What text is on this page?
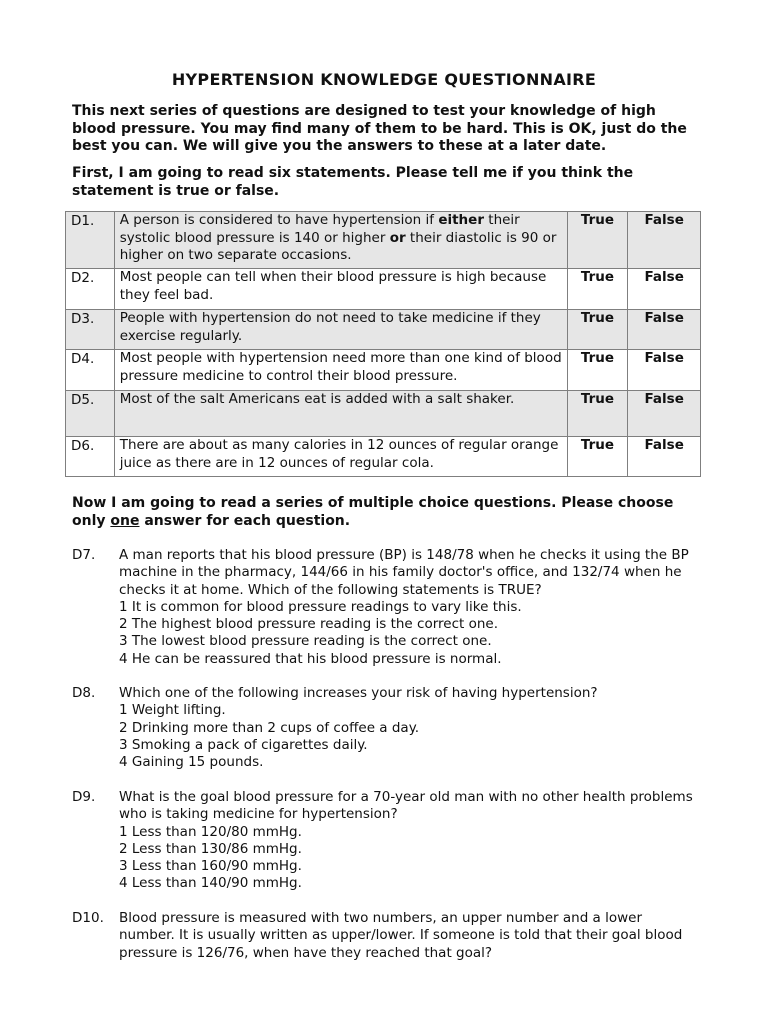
HYPERTENSION KNOWLEDGE QUESTIONNAIRE

This next series of questions are designed to test your knowledge of high blood pressure. You may find many of them to be hard. This is OK, just do the best you can. We will give you the answers to these at a later date.

First, I am going to read six statements. Please tell me if you think the statement is true or false.

D1.	A person is considered to have hypertension if either their systolic blood pressure is 140 or higher or their diastolic is 90 or higher on two separate occasions.	True	False
D2.	Most people can tell when their blood pressure is high because they feel bad.	True	False
D3.	People with hypertension do not need to take medicine if they exercise regularly.	True	False
D4.	Most people with hypertension need more than one kind of blood pressure medicine to control their blood pressure.	True	False
D5.	Most of the salt Americans eat is added with a salt shaker.	True	False
D6.	There are about as many calories in 12 ounces of regular orange juice as there are in 12 ounces of regular cola.	True	False

Now I am going to read a series of multiple choice questions. Please choose only one answer for each question.

D7. A man reports that his blood pressure (BP) is 148/78 when he checks it using the BP machine in the pharmacy, 144/66 in his family doctor's office, and 132/74 when he checks it at home. Which of the following statements is TRUE?
1 It is common for blood pressure readings to vary like this.
2 The highest blood pressure reading is the correct one.
3 The lowest blood pressure reading is the correct one.
4 He can be reassured that his blood pressure is normal.
D8. Which one of the following increases your risk of having hypertension?
1 Weight lifting.
2 Drinking more than 2 cups of coffee a day.
3 Smoking a pack of cigarettes daily.
4 Gaining 15 pounds.
D9. What is the goal blood pressure for a 70-year old man with no other health problems who is taking medicine for hypertension?
1 Less than 120/80 mmHg.
2 Less than 130/86 mmHg.
3 Less than 160/90 mmHg.
4 Less than 140/90 mmHg.
D10. Blood pressure is measured with two numbers, an upper number and a lower number. It is usually written as upper/lower. If someone is told that their goal blood pressure is 126/76, when have they reached that goal?
